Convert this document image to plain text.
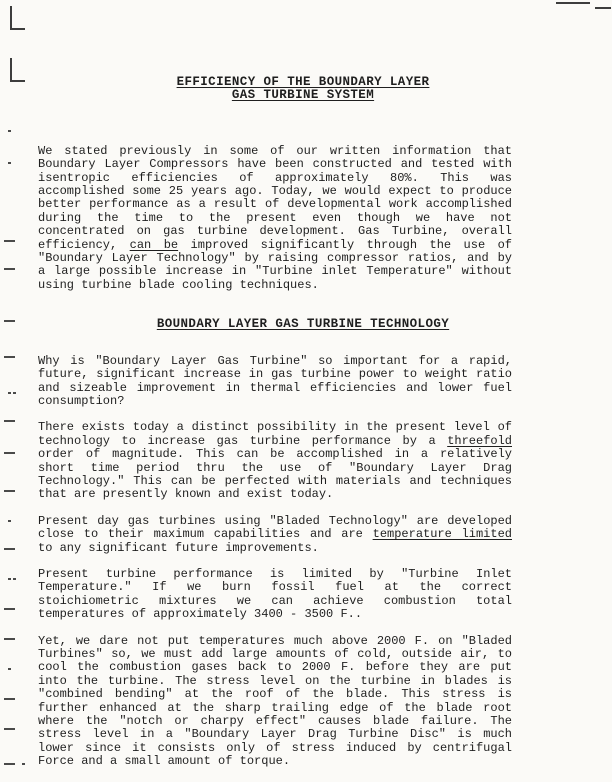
EFFICIENCY OF THE BOUNDARY LAYER
GAS TURBINE SYSTEM

We stated previously in some of our written information that Boundary Layer Compressors have been constructed and tested with isentropic efficiencies of approximately 80%. This was accomplished some 25 years ago. Today, we would expect to produce better performance as a result of developmental work accomplished during the time to the present even though we have not concentrated on gas turbine development. Gas Turbine, overall efficiency, can be improved significantly through the use of "Boundary Layer Technology" by raising compressor ratios, and by a large possible increase in "Turbine inlet Temperature" without using turbine blade cooling techniques.

BOUNDARY LAYER GAS TURBINE TECHNOLOGY

Why is "Boundary Layer Gas Turbine" so important for a rapid, future, significant increase in gas turbine power to weight ratio and sizeable improvement in thermal efficiencies and lower fuel consumption?

There exists today a distinct possibility in the present level of technology to increase gas turbine performance by a threefold order of magnitude. This can be accomplished in a relatively short time period thru the use of "Boundary Layer Drag Technology." This can be perfected with materials and techniques that are presently known and exist today.

Present day gas turbines using "Bladed Technology" are developed close to their maximum capabilities and are temperature limited to any significant future improvements.

Present turbine performance is limited by "Turbine Inlet Temperature." If we burn fossil fuel at the correct stoichiometric mixtures we can achieve combustion total temperatures of approximately 3400 - 3500 F..

Yet, we dare not put temperatures much above 2000 F. on "Bladed Turbines" so, we must add large amounts of cold, outside air, to cool the combustion gases back to 2000 F. before they are put into the turbine. The stress level on the turbine in blades is "combined bending" at the roof of the blade. This stress is further enhanced at the sharp trailing edge of the blade root where the "notch or charpy effect" causes blade failure. The stress level in a "Boundary Layer Drag Turbine Disc" is much lower since it consists only of stress induced by centrifugal Force and a small amount of torque.
